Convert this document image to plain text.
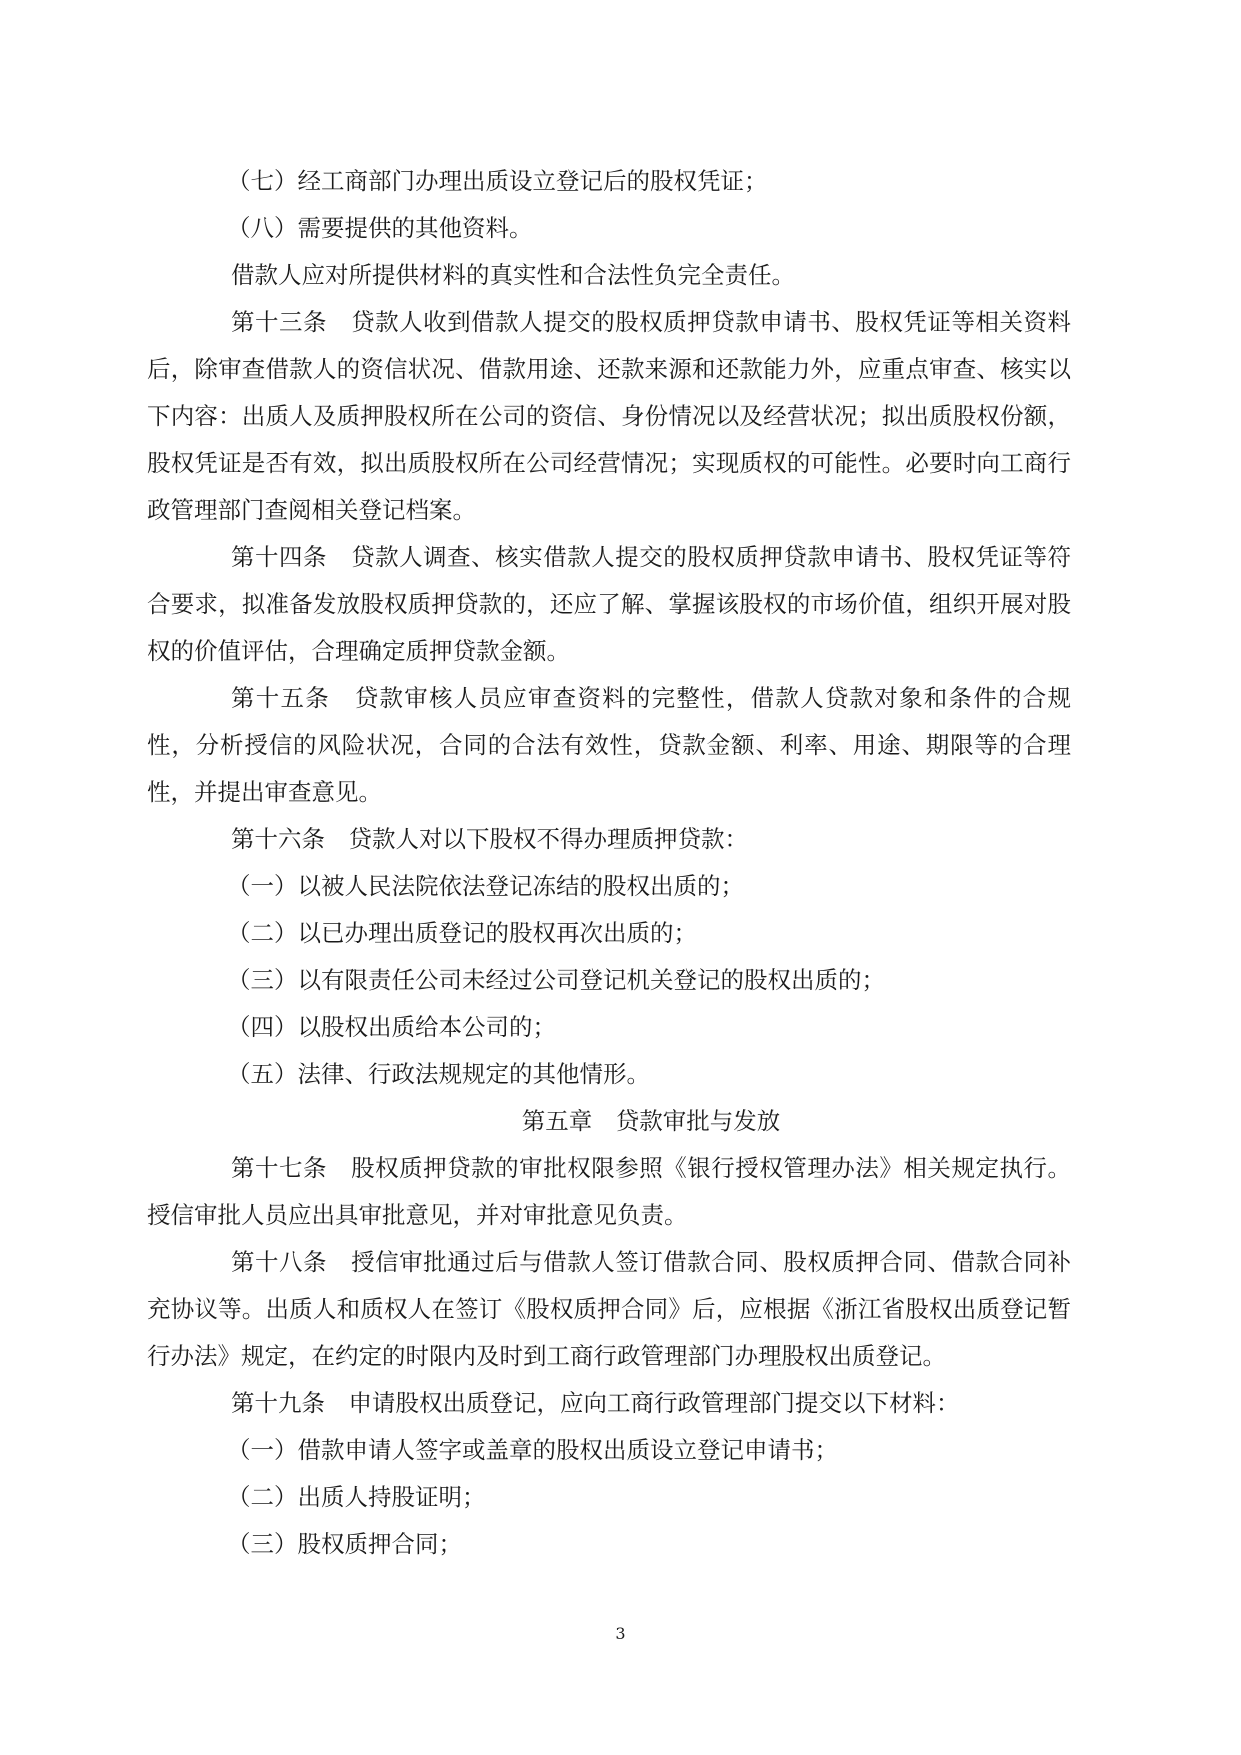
（七）经工商部门办理出质设立登记后的股权凭证；

（八）需要提供的其他资料。

借款人应对所提供材料的真实性和合法性负完全责任。

第十三条　贷款人收到借款人提交的股权质押贷款申请书、股权凭证等相关资料后，除审查借款人的资信状况、借款用途、还款来源和还款能力外，应重点审查、核实以下内容：出质人及质押股权所在公司的资信、身份情况以及经营状况；拟出质股权份额，股权凭证是否有效，拟出质股权所在公司经营情况；实现质权的可能性。必要时向工商行政管理部门查阅相关登记档案。

第十四条　贷款人调查、核实借款人提交的股权质押贷款申请书、股权凭证等符合要求，拟准备发放股权质押贷款的，还应了解、掌握该股权的市场价值，组织开展对股权的价值评估，合理确定质押贷款金额。

第十五条　贷款审核人员应审查资料的完整性，借款人贷款对象和条件的合规性，分析授信的风险状况，合同的合法有效性，贷款金额、利率、用途、期限等的合理性，并提出审查意见。

第十六条　贷款人对以下股权不得办理质押贷款：

（一）以被人民法院依法登记冻结的股权出质的；

（二）以已办理出质登记的股权再次出质的；

（三）以有限责任公司未经过公司登记机关登记的股权出质的；

（四）以股权出质给本公司的；

（五）法律、行政法规规定的其他情形。

第五章　贷款审批与发放

第十七条　股权质押贷款的审批权限参照《银行授权管理办法》相关规定执行。授信审批人员应出具审批意见，并对审批意见负责。

第十八条　授信审批通过后与借款人签订借款合同、股权质押合同、借款合同补充协议等。出质人和质权人在签订《股权质押合同》后，应根据《浙江省股权出质登记暂行办法》规定，在约定的时限内及时到工商行政管理部门办理股权出质登记。

第十九条　申请股权出质登记，应向工商行政管理部门提交以下材料：

（一）借款申请人签字或盖章的股权出质设立登记申请书；

（二）出质人持股证明；

（三）股权质押合同；

3
